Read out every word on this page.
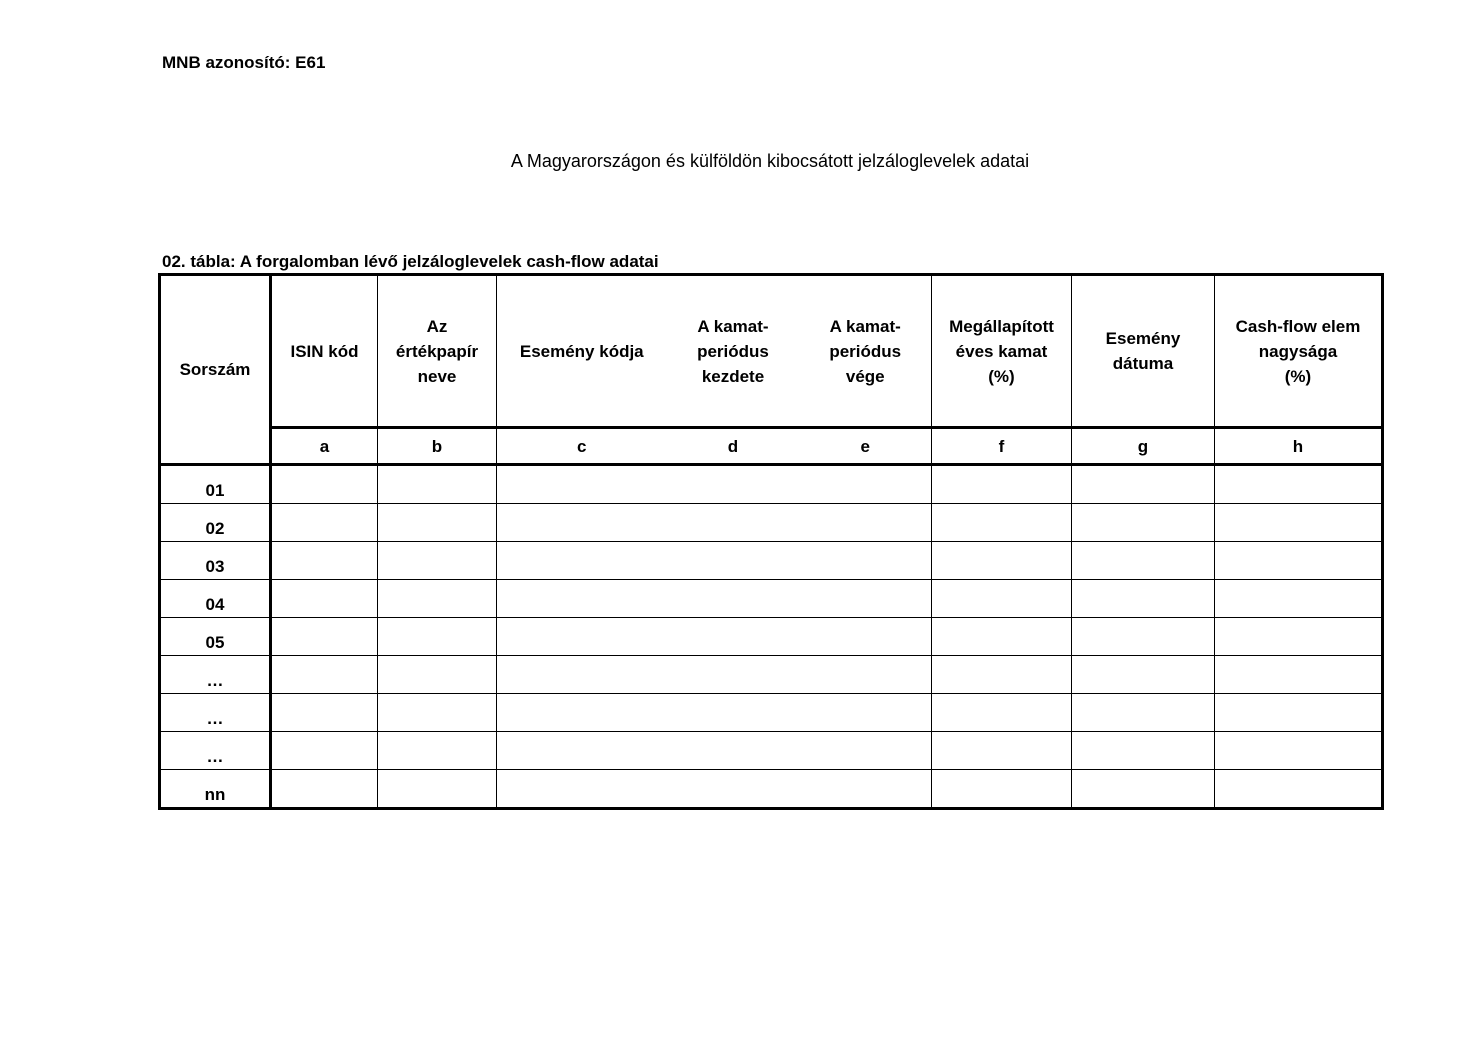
MNB azonosító: E61
A Magyarországon és külföldön kibocsátott jelzáloglevelek adatai
02. tábla: A forgalomban lévő jelzáloglevelek cash-flow adatai
Sorszám	ISIN kód	Az
értékpapír
neve	Esemény kódja	A kamat-
periódus
kezdete	A kamat-
periódus
vége	Megállapított
éves kamat
(%)	Esemény
dátuma	Cash-flow elem
nagysága
(%)
	a	b	c	d	e	f	g	h
01								
02								
03								
04								
05								
…								
…								
…								
nn								
